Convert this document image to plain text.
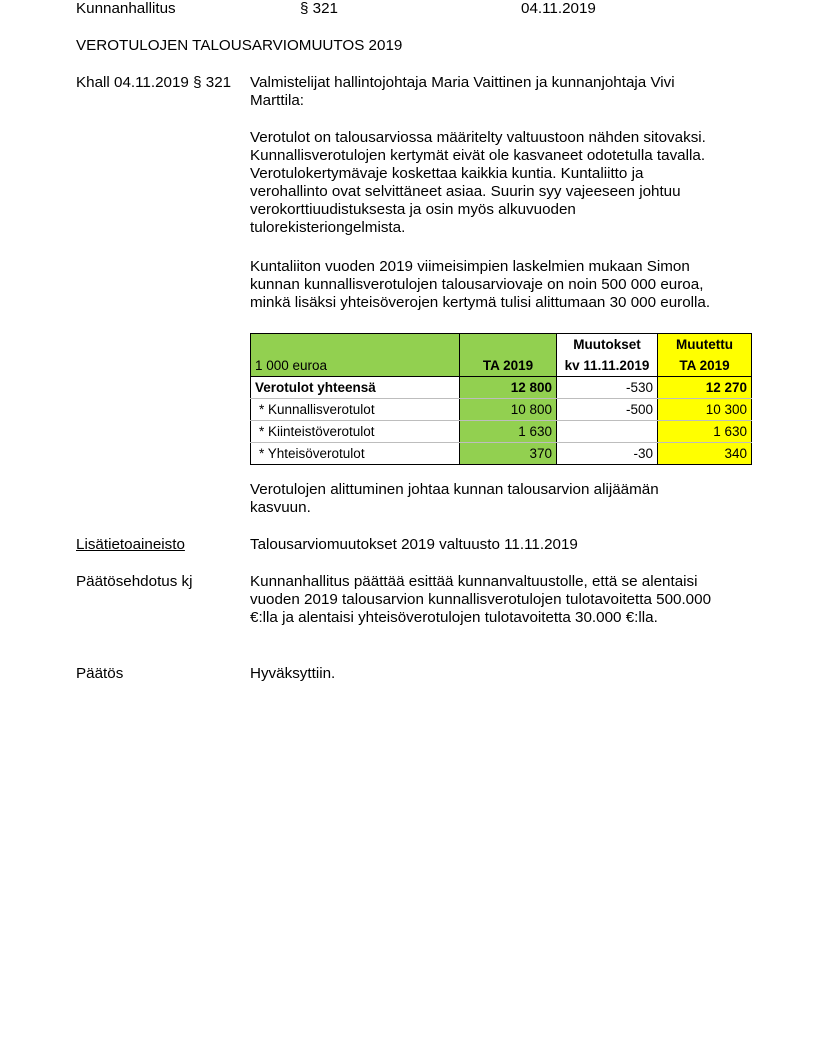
Kunnanhallitus	§ 321	04.11.2019
VEROTULOJEN TALOUSARVIOMUUTOS 2019
Khall 04.11.2019 § 321 Valmistelijat hallintojohtaja Maria Vaittinen ja kunnanjohtaja Vivi
Marttila:
Verotulot on talousarviossa määritelty valtuustoon nähden sitovaksi.
Kunnallisverotulojen kertymät eivät ole kasvaneet odotetulla tavalla.
Verotulokertymävaje koskettaa kaikkia kuntia. Kuntaliitto ja
verohallinto ovat selvittäneet asiaa. Suurin syy vajeeseen johtuu
verokorttiuudistuksesta ja osin myös alkuvuoden
tulorekisteriongelmista.
Kuntaliiton vuoden 2019 viimeisimpien laskelmien mukaan Simon
kunnan kunnallisverotulojen talousarviovaje on noin 500 000 euroa,
minkä lisäksi yhteisöverojen kertymä tulisi alittumaan 30 000 eurolla.
		Muutokset	Muutettu
1 000 euroa	TA 2019	kv 11.11.2019	TA 2019
Verotulot yhteensä	12 800	-530	12 270
* Kunnallisverotulot	10 800	-500	10 300
* Kiinteistöverotulot	1 630		1 630
* Yhteisöverotulot	370	-30	340
Verotulojen alittuminen johtaa kunnan talousarvion alijäämän
kasvuun.
Lisätietoaineisto	Talousarviomuutokset 2019 valtuusto 11.11.2019
Päätösehdotus kj	Kunnanhallitus päättää esittää kunnanvaltuustolle, että se alentaisi
vuoden 2019 talousarvion kunnallisverotulojen tulotavoitetta 500.000
€:lla ja alentaisi yhteisöverotulojen tulotavoitetta 30.000 €:lla.
Päätös	Hyväksyttiin.
